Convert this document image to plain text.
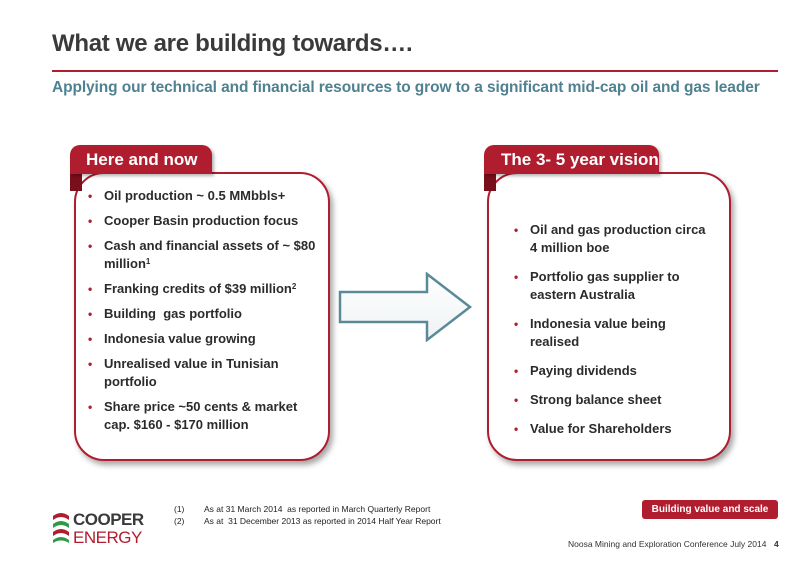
What we are building towards….
Applying our technical and financial resources to grow to a significant mid-cap oil and gas leader
Here and now
• Oil production ~ 0.5 MMbbls+
• Cooper Basin production focus
• Cash and financial assets of ~ $80 million$^1$
• Franking credits of $39 million$^2$
• Building  gas portfolio
• Indonesia value growing
• Unrealised value in Tunisian portfolio
• Share price ~50 cents & market cap. $160 - $170 million
The 3- 5 year vision
• Oil and gas production circa 4 million boe
• Portfolio gas supplier to eastern Australia
• Indonesia value being realised
• Paying dividends
• Strong balance sheet
• Value for Shareholders
COOPER
ENERGY
(1)	As at 31 March 2014  as reported in March Quarterly Report
(2)	As at  31 December 2013 as reported in 2014 Half Year Report
Building value and scale
Noosa Mining and Exploration Conference July 2014 4
